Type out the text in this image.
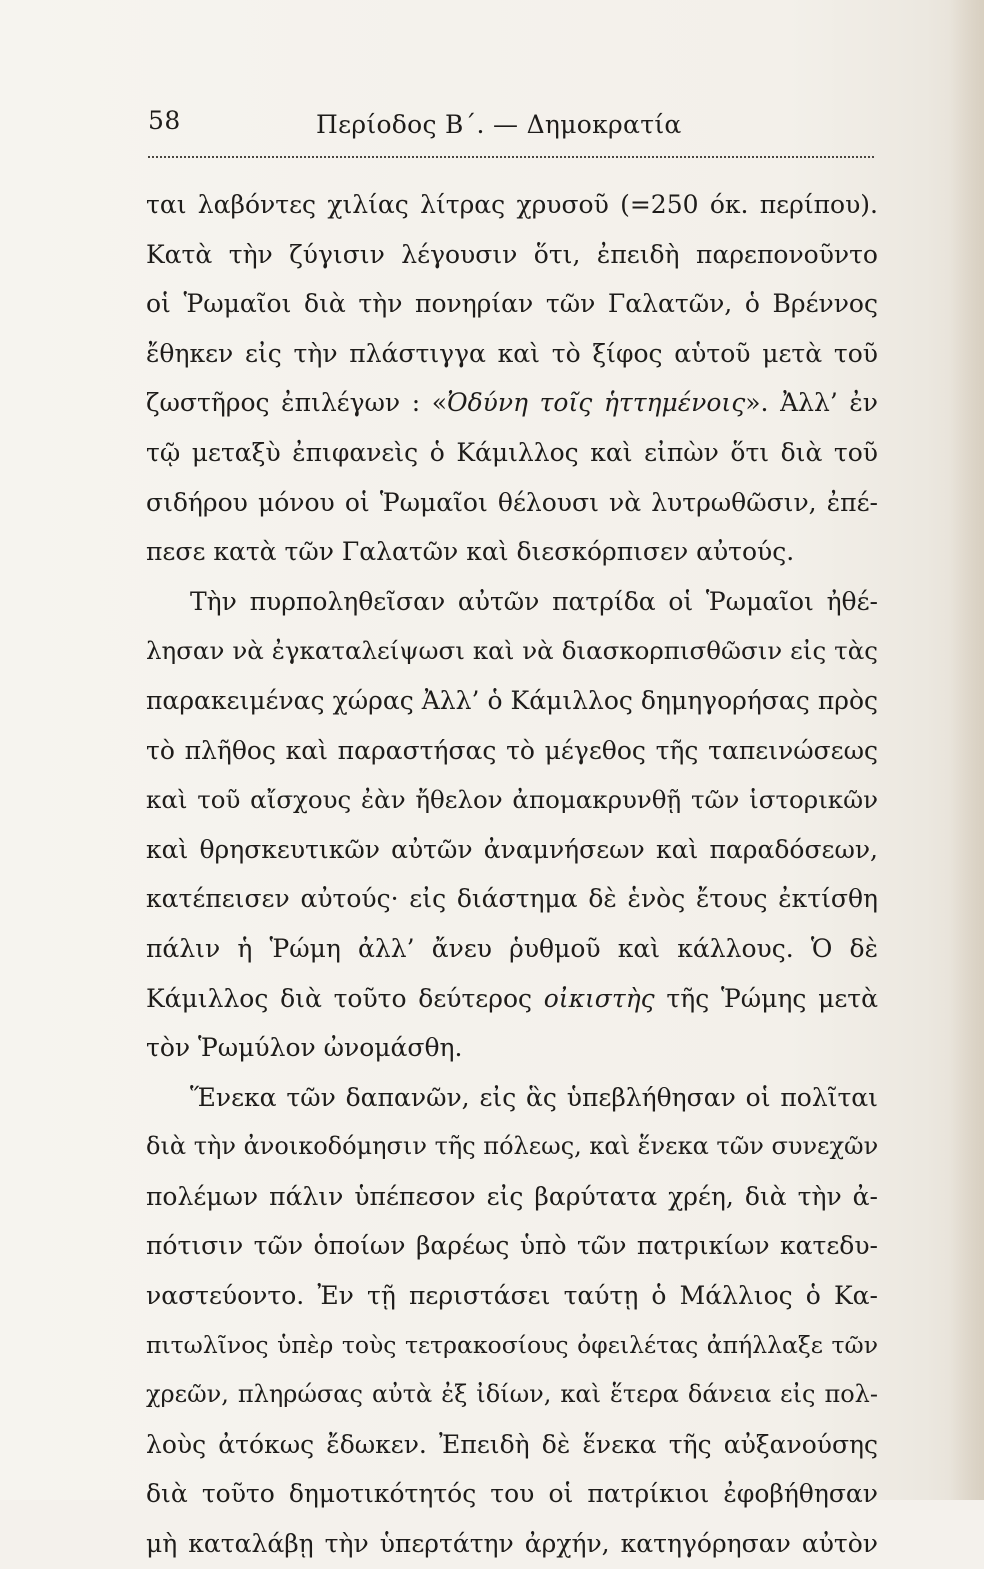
58	Περίοδος Β΄. — Δημοκρατία
ται λαβόντες χιλίας λίτρας χρυσοῦ (=250 όκ. περίπου).
Κατὰ τὴν ζύγισιν λέγουσιν ὅτι, ἐπειδὴ παρεπονοῦντο
οἱ Ῥωμαῖοι διὰ τὴν πονηρίαν τῶν Γαλατῶν, ὁ Βρέννος
ἔθηκεν εἰς τὴν πλάστιγγα καὶ τὸ ξίφος αὑτοῦ μετὰ τοῦ
ζωστῆρος ἐπιλέγων : «Ὀδύνη τοῖς ἡττημένοις». Ἀλλ’ ἐν
τῷ μεταξὺ ἐπιφανεὶς ὁ Κάμιλλος καὶ εἰπὼν ὅτι διὰ τοῦ
σιδήρου μόνου οἱ Ῥωμαῖοι θέλουσι νὰ λυτρωθῶσιν, ἐπέ-
πεσε κατὰ τῶν Γαλατῶν καὶ διεσκόρπισεν αὐτούς.
Τὴν πυρποληθεῖσαν αὐτῶν πατρίδα οἱ Ῥωμαῖοι ἠθέ-
λησαν νὰ ἐγκαταλείψωσι καὶ νὰ διασκορπισθῶσιν εἰς τὰς
παρακειμένας χώρας Ἀλλ’ ὁ Κάμιλλος δημηγορήσας πρὸς
τὸ πλῆθος καὶ παραστήσας τὸ μέγεθος τῆς ταπεινώσεως
καὶ τοῦ αἴσχους ἐὰν ἤθελον ἀπομακρυνθῇ τῶν ἱστορικῶν
καὶ θρησκευτικῶν αὐτῶν ἀναμνήσεων καὶ παραδόσεων,
κατέπεισεν αὐτούς· εἰς διάστημα δὲ ἑνὸς ἔτους ἐκτίσθη
πάλιν ἡ Ῥώμη ἀλλ’ ἄνευ ῥυθμοῦ καὶ κάλλους. Ὁ δὲ
Κάμιλλος διὰ τοῦτο δεύτερος οἰκιστὴς τῆς Ῥώμης μετὰ
τὸν Ῥωμύλον ὠνομάσθη.
Ἕνεκα τῶν δαπανῶν, εἰς ἃς ὑπεβλήθησαν οἱ πολῖται
διὰ τὴν ἀνοικοδόμησιν τῆς πόλεως, καὶ ἕνεκα τῶν συνεχῶν
πολέμων πάλιν ὑπέπεσον εἰς βαρύτατα χρέη, διὰ τὴν ἀ-
πότισιν τῶν ὁποίων βαρέως ὑπὸ τῶν πατρικίων κατεδυ-
ναστεύοντο. Ἐν τῇ περιστάσει ταύτῃ ὁ Μάλλιος ὁ Κα-
πιτωλῖνος ὑπὲρ τοὺς τετρακοσίους ὀφειλέτας ἀπήλλαξε τῶν
χρεῶν, πληρώσας αὐτὰ ἐξ ἰδίων, καὶ ἕτερα δάνεια εἰς πολ-
λοὺς ἀτόκως ἔδωκεν. Ἐπειδὴ δὲ ἕνεκα τῆς αὐξανούσης
διὰ τοῦτο δημοτικότητός του οἱ πατρίκιοι ἐφοβήθησαν
μὴ καταλάβῃ τὴν ὑπερτάτην ἀρχήν, κατηγόρησαν αὐτὸν
